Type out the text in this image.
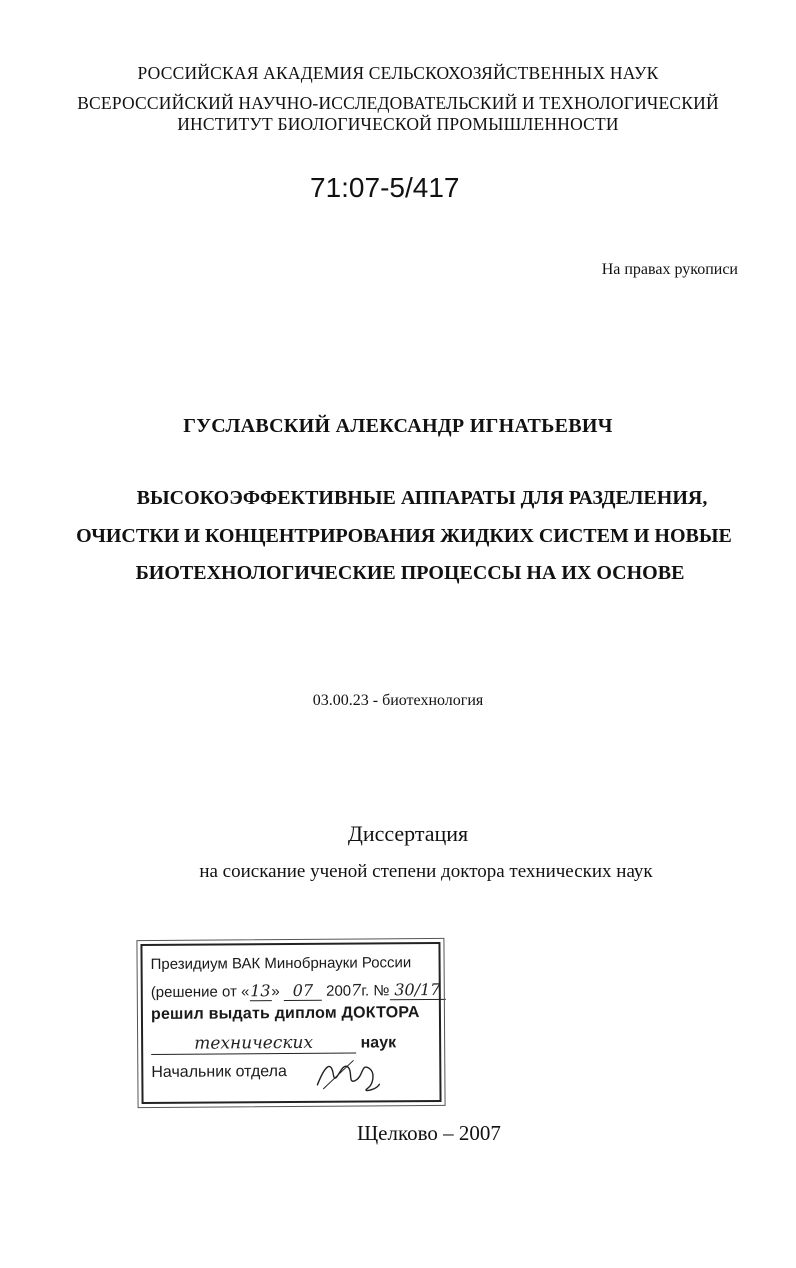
РОССИЙСКАЯ АКАДЕМИЯ СЕЛЬСКОХОЗЯЙСТВЕННЫХ НАУК
ВСЕРОССИЙСКИЙ НАУЧНО-ИССЛЕДОВАТЕЛЬСКИЙ И ТЕХНОЛОГИЧЕСКИЙ
ИНСТИТУТ БИОЛОГИЧЕСКОЙ ПРОМЫШЛЕННОСТИ
71:07-5/417
На правах рукописи
ГУСЛАВСКИЙ АЛЕКСАНДР ИГНАТЬЕВИЧ
ВЫСОКОЭФФЕКТИВНЫЕ АППАРАТЫ ДЛЯ РАЗДЕЛЕНИЯ,
ОЧИСТКИ И КОНЦЕНТРИРОВАНИЯ ЖИДКИХ СИСТЕМ И НОВЫЕ
БИОТЕХНОЛОГИЧЕСКИЕ ПРОЦЕССЫ НА ИХ ОСНОВЕ
03.00.23 - биотехнология
Диссертация
на соискание ученой степени доктора технических наук
Президиум ВАК Минобрнауки России
(решение от «13» 07 2007г. № 30/17
решил выдать диплом ДОКТОРА
технических	наук
Начальник отдела
Щелково – 2007
